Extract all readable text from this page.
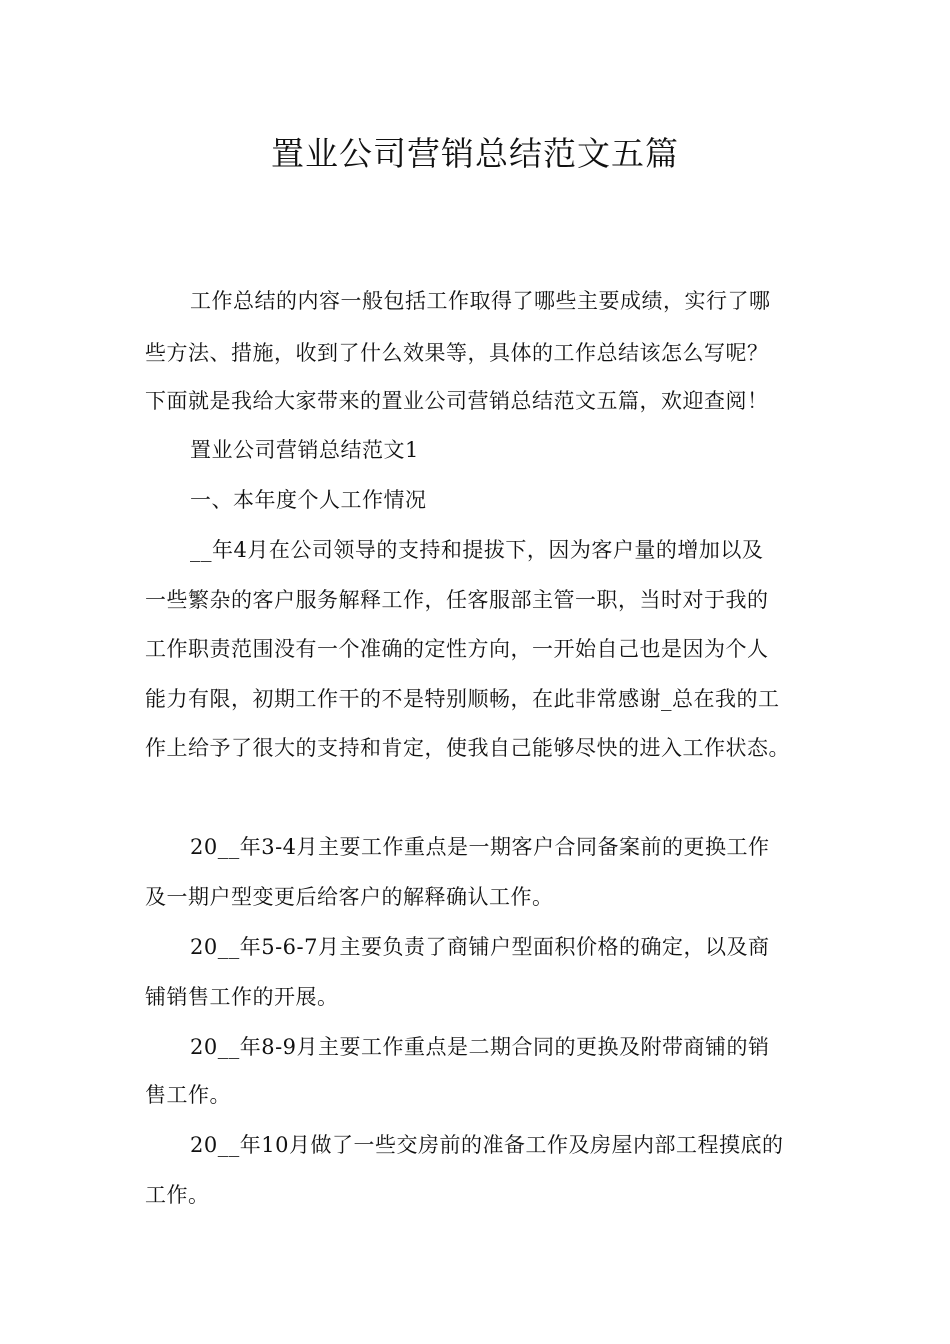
置业公司营销总结范文五篇
工作总结的内容一般包括工作取得了哪些主要成绩，实行了哪
些方法、措施，收到了什么效果等，具体的工作总结该怎么写呢？
下面就是我给大家带来的置业公司营销总结范文五篇，欢迎查阅！
置业公司营销总结范文1
一、本年度个人工作情况
__年4月在公司领导的支持和提拔下，因为客户量的增加以及
一些繁杂的客户服务解释工作，任客服部主管一职，当时对于我的
工作职责范围没有一个准确的定性方向，一开始自己也是因为个人
能力有限，初期工作干的不是特别顺畅，在此非常感谢_总在我的工
作上给予了很大的支持和肯定，使我自己能够尽快的进入工作状态。
20__年3-4月主要工作重点是一期客户合同备案前的更换工作
及一期户型变更后给客户的解释确认工作。
20__年5-6-7月主要负责了商铺户型面积价格的确定，以及商
铺销售工作的开展。
20__年8-9月主要工作重点是二期合同的更换及附带商铺的销
售工作。
20__年10月做了一些交房前的准备工作及房屋内部工程摸底的
工作。
